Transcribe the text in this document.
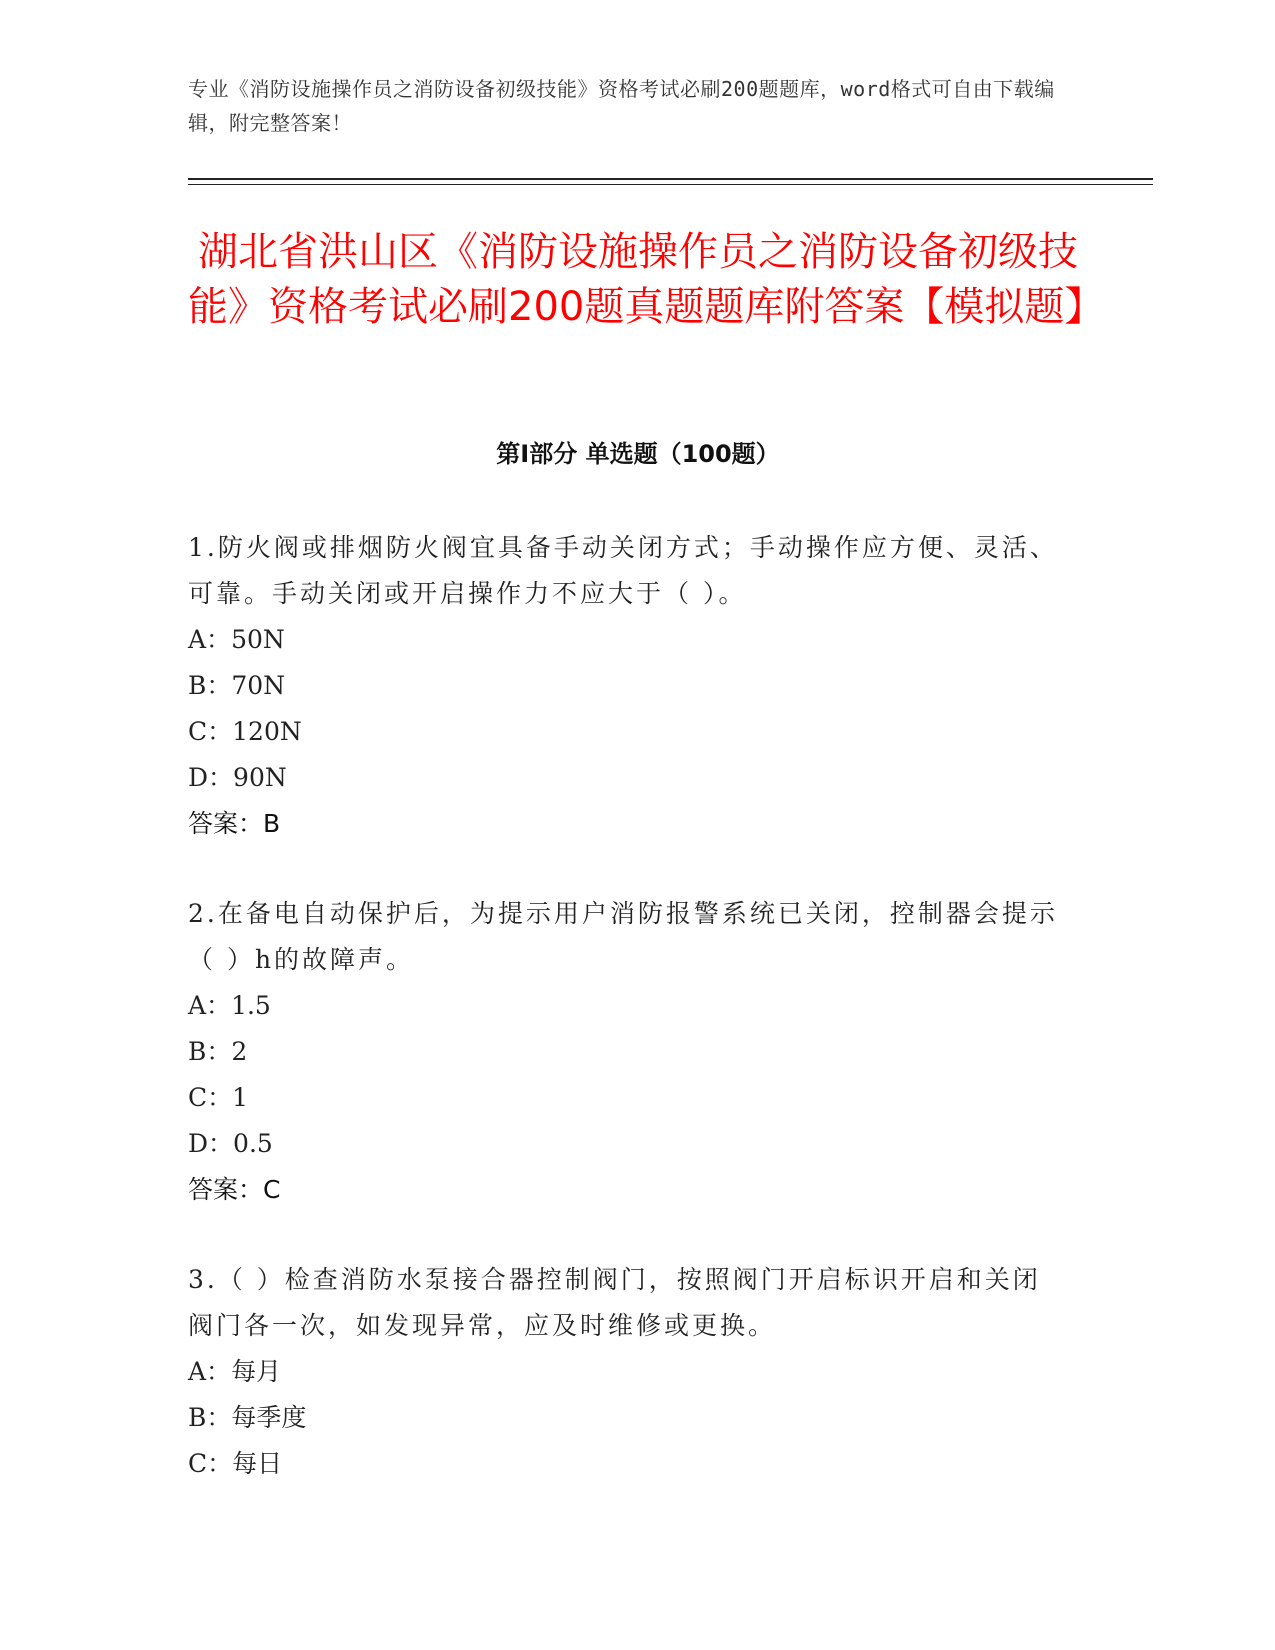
专业《消防设施操作员之消防设备初级技能》资格考试必刷200题题库，word格式可自由下载编辑，附完整答案！
湖北省洪山区《消防设施操作员之消防设备初级技能》资格考试必刷200题真题题库附答案【模拟题】
第Ⅰ部分 单选题（100题）
1.防火阀或排烟防火阀宜具备手动关闭方式；手动操作应方便、灵活、可靠。手动关闭或开启操作力不应大于（ ）。
A：50N
B：70N
C：120N
D：90N
答案：B
2.在备电自动保护后，为提示用户消防报警系统已关闭，控制器会提示（ ）h的故障声。
A：1.5
B：2
C：1
D：0.5
答案：C
3.（ ）检查消防水泵接合器控制阀门，按照阀门开启标识开启和关闭阀门各一次，如发现异常，应及时维修或更换。
A：每月
B：每季度
C：每日
